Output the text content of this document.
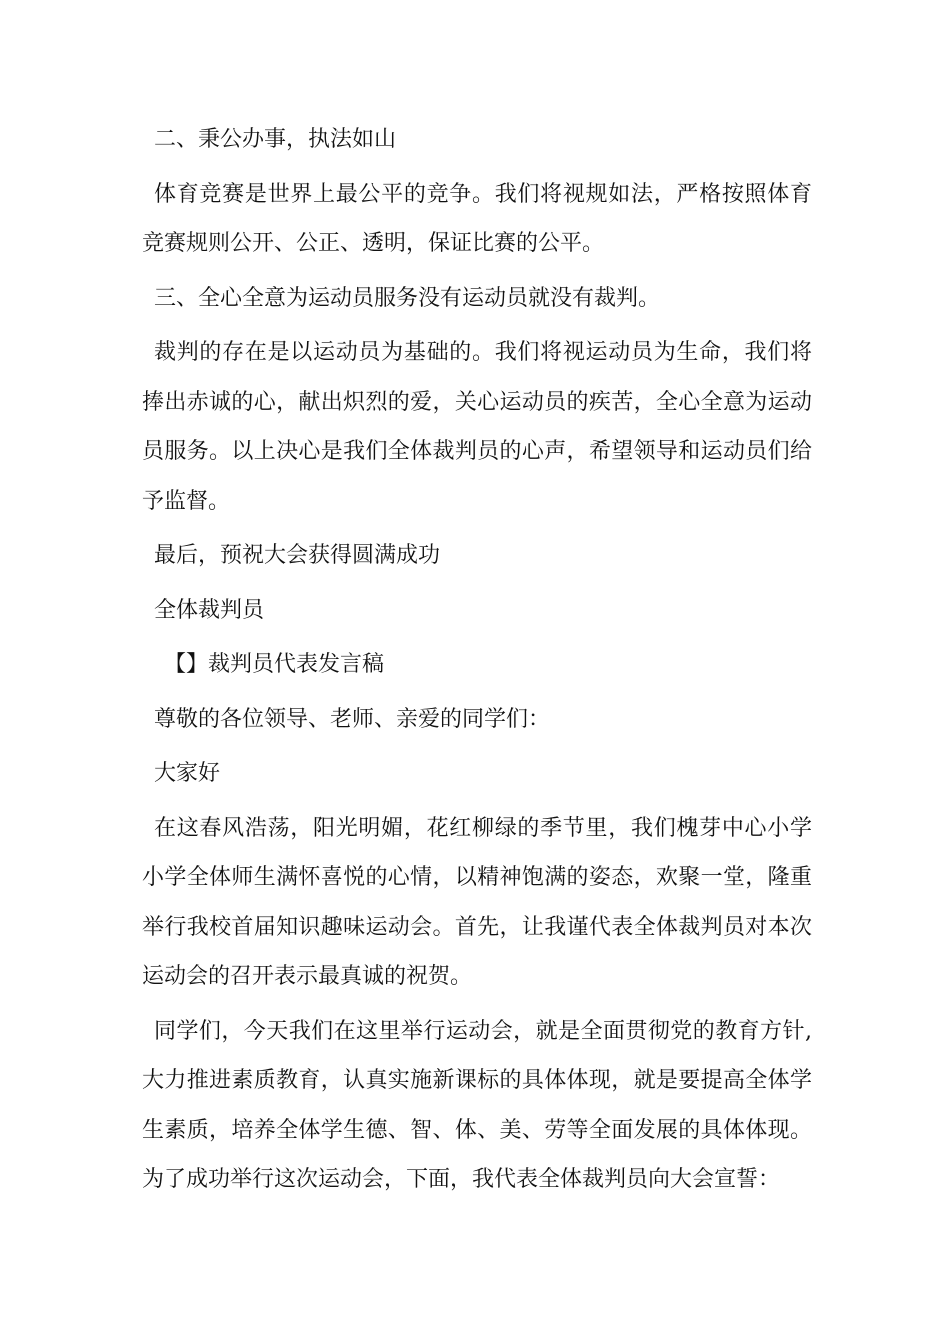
二、秉公办事，执法如山

体育竞赛是世界上最公平的竞争。我们将视规如法，严格按照体育竞赛规则公开、公正、透明，保证比赛的公平。

三、全心全意为运动员服务没有运动员就没有裁判。

裁判的存在是以运动员为基础的。我们将视运动员为生命，我们将捧出赤诚的心，献出炽烈的爱，关心运动员的疾苦，全心全意为运动员服务。以上决心是我们全体裁判员的心声，希望领导和运动员们给予监督。

最后，预祝大会获得圆满成功

全体裁判员

【】裁判员代表发言稿

尊敬的各位领导、老师、亲爱的同学们：

大家好

在这春风浩荡，阳光明媚，花红柳绿的季节里，我们槐芽中心小学小学全体师生满怀喜悦的心情，以精神饱满的姿态，欢聚一堂，隆重举行我校首届知识趣味运动会。首先，让我谨代表全体裁判员对本次运动会的召开表示最真诚的祝贺。

同学们，今天我们在这里举行运动会，就是全面贯彻党的教育方针,大力推进素质教育，认真实施新课标的具体体现，就是要提高全体学生素质，培养全体学生德、智、体、美、劳等全面发展的具体体现。为了成功举行这次运动会，下面，我代表全体裁判员向大会宣誓：
